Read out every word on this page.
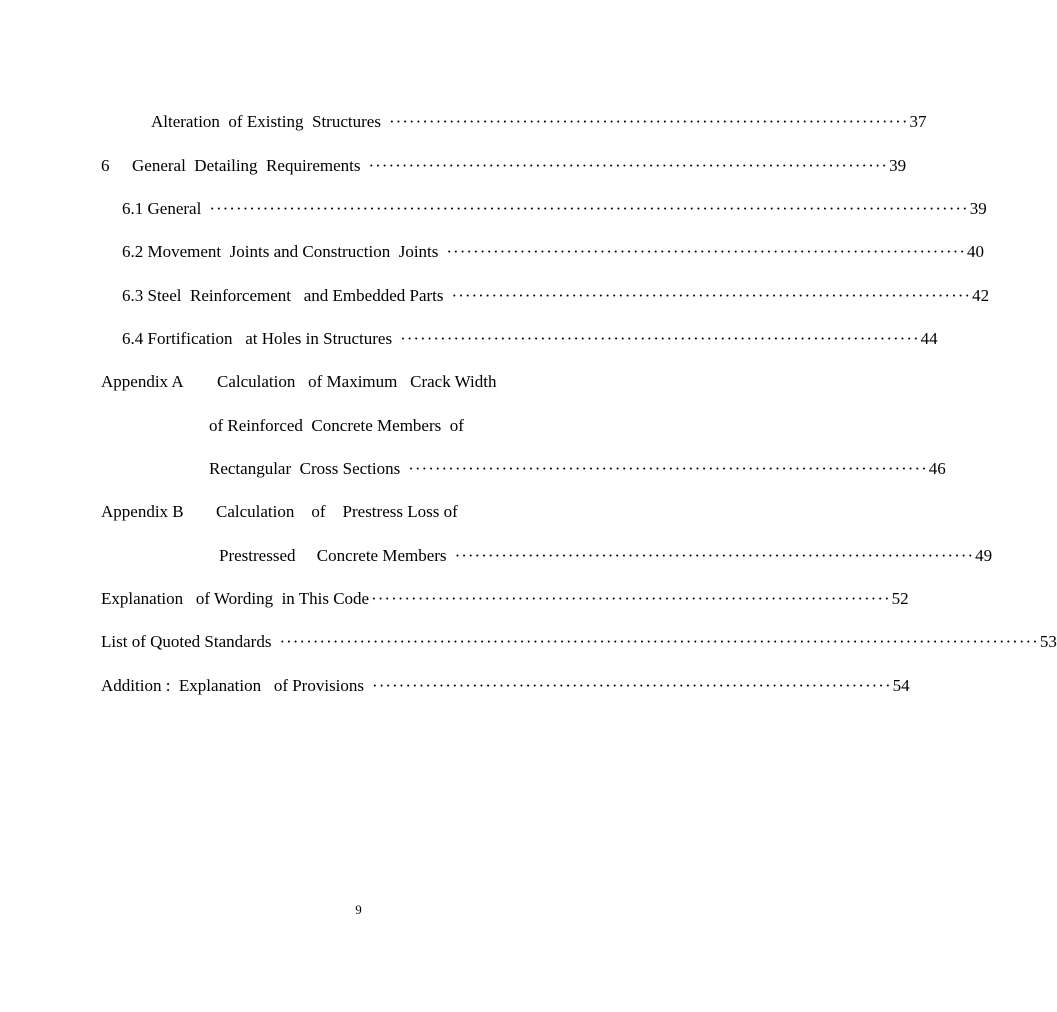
Alteration  of Existing  Structures ·············································································· 37
6 General  Detailing  Requirements ·············································································· 39
6.1 General ·················································································································· 39
6.2 Movement  Joints and Construction  Joints ·············································································· 40
6.3 Steel  Reinforcement   and Embedded Parts ·············································································· 42
6.4 Fortification   at Holes in Structures ·············································································· 44
Appendix A Calculation   of Maximum   Crack Width
of Reinforced  Concrete Members  of
Rectangular  Cross Sections ·············································································· 46
Appendix B Calculation    of    Prestress Loss of
Prestressed     Concrete Members ·············································································· 49
Explanation   of Wording  in This Code ·············································································· 52
List of Quoted Standards ·················································································································· 53
Addition :  Explanation   of Provisions ·············································································· 54
9
